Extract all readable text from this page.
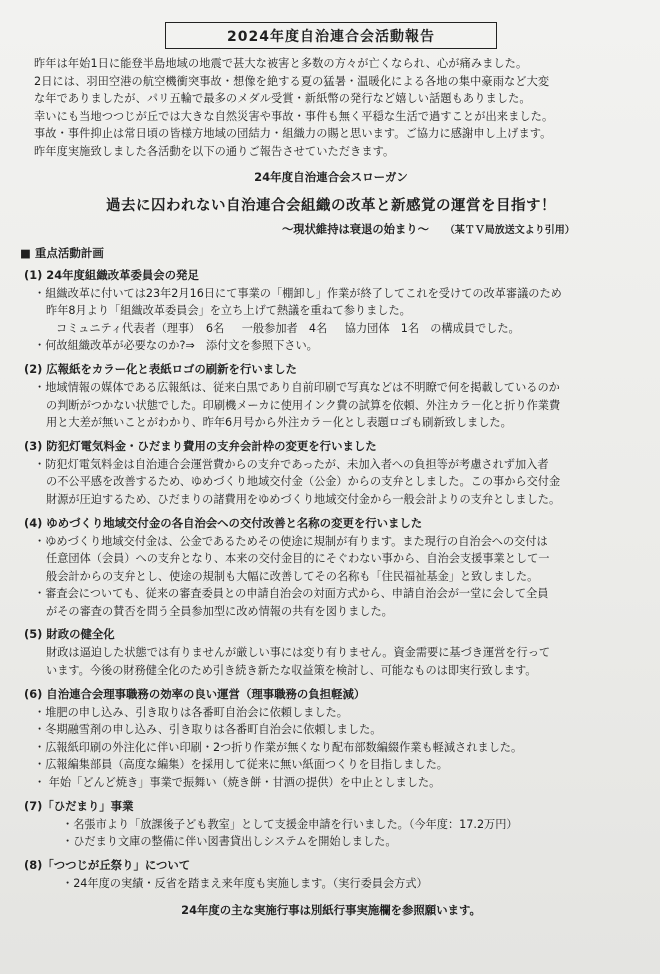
2024年度自治連合会活動報告
昨年は年始1日に能登半島地域の地震で甚大な被害と多数の方々が亡くなられ、心が痛みました。
2日には、羽田空港の航空機衝突事故・想像を絶する夏の猛暑・温暖化による各地の集中豪雨など大変
な年でありましたが、パリ五輪で最多のメダル受賞・新紙幣の発行など嬉しい話題もありました。
幸いにも当地つつじが丘では大きな自然災害や事故・事件も無く平穏な生活で過すことが出来ました。
事故・事件抑止は常日頃の皆様方地域の団結力・組織力の賜と思います。ご協力に感謝申し上げます。
昨年度実施致しました各活動を以下の通りご報告させていただきます。
24年度自治連合会スローガン
過去に囚われない自治連合会組織の改革と新感覚の運営を目指す！
～現状維持は衰退の始まり～ （某ＴＶ局放送文より引用）
■ 重点活動計画
(1) 24年度組織改革委員会の発足
・組織改革に付いては23年2月16日にて事業の「棚卸し」作業が終了してこれを受けての改革審議のため
昨年8月より「組織改革委員会」を立ち上げて熱議を重ねて参りました。
コミュニティ代表者（理事）　6名 一般参加者　4名 協力団体　1名　の構成員でした。
・何故組織改革が必要なのか?⇒　添付文を参照下さい。
(2) 広報紙をカラー化と表紙ロゴの刷新を行いました
・地域情報の媒体である広報紙は、従来白黒であり自前印刷で写真などは不明瞭で何を掲載しているのか
の判断がつかない状態でした。印刷機メーカに使用インク費の試算を依頼、外注カラ－化と折り作業費
用と大差が無いことがわかり、昨年6月号から外注カラ－化とし表題ロゴも刷新致しました。
(3) 防犯灯電気料金・ひだまり費用の支弁会計枠の変更を行いました
・防犯灯電気料金は自治連合会運営費からの支弁であったが、未加入者への負担等が考慮されず加入者
の不公平感を改善するため、ゆめづくり地域交付金（公金）からの支弁としました。この事から交付金
財源が圧迫するため、ひだまりの諸費用をゆめづくり地域交付金から一般会計よりの支弁としました。
(4) ゆめづくり地域交付金の各自治会への交付改善と名称の変更を行いました
・ゆめづくり地域交付金は、公金であるためその使途に規制が有ります。また現行の自治会への交付は
任意団体（会員）への支弁となり、本来の交付金目的にそぐわない事から、自治会支援事業として一
般会計からの支弁とし、使途の規制も大幅に改善してその名称も「住民福祉基金」と致しました。
・審査会についても、従来の審査委員との申請自治会の対面方式から、申請自治会が一堂に会して全員
がその審査の賛否を問う全員参加型に改め情報の共有を図りました。
(5) 財政の健全化
財政は逼迫した状態では有りませんが厳しい事には変り有りません。資金需要に基づき運営を行って
います。今後の財務健全化のため引き続き新たな収益策を検討し、可能なものは即実行致します。
(6) 自治連合会理事職務の効率の良い運営（理事職務の負担軽減）
・堆肥の申し込み、引き取りは各番町自治会に依頼しました。
・冬期融雪剤の申し込み、引き取りは各番町自治会に依頼しました。
・広報紙印刷の外注化に伴い印刷・2つ折り作業が無くなり配布部数編綴作業も軽減されました。
・広報編集部員（高度な編集）を採用して従来に無い紙面つくりを目指しました。
・ 年始「どんど焼き」事業で振舞い（焼き餅・甘酒の提供）を中止としました。
(7)「ひだまり」事業
・名張市より「放課後子ども教室」として支援金申請を行いました。（今年度：17.2万円）
・ひだまり文庫の整備に伴い図書貸出しシステムを開始しました。
(8)「つつじが丘祭り」について
・24年度の実績・反省を踏まえ来年度も実施します。（実行委員会方式）
24年度の主な実施行事は別紙行事実施欄を参照願います。
